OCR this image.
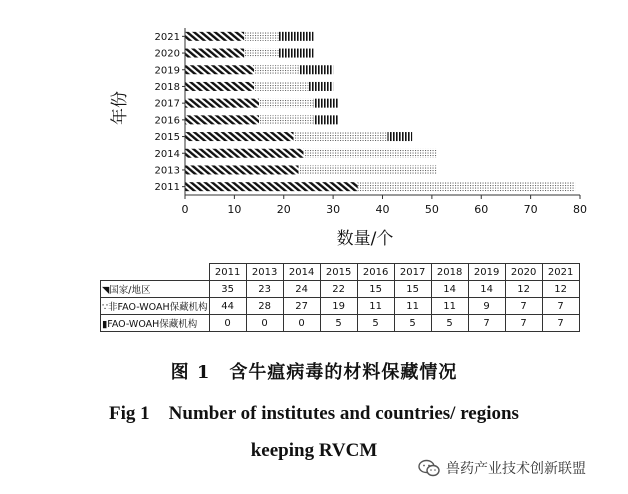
2011
2013
2014
2015
2016
2017
2018
2019
2020
2021
0	10	20	30	40	50	60	70	80
年份
数量/个
	2011	2013	2014	2015	2016	2017	2018	2019	2020	2021
◥国家/地区	35	23	24	22	15	15	14	14	12	12
∵非FAO-WOAH保藏机构	44	28	27	19	11	11	11	9	7	7
▮FAO-WOAH保藏机构	0	0	0	5	5	5	5	7	7	7
图 1　含牛瘟病毒的材料保藏情况
Fig 1　Number of institutes and countries/ regions
keeping RVCM
兽药产业技术创新联盟
